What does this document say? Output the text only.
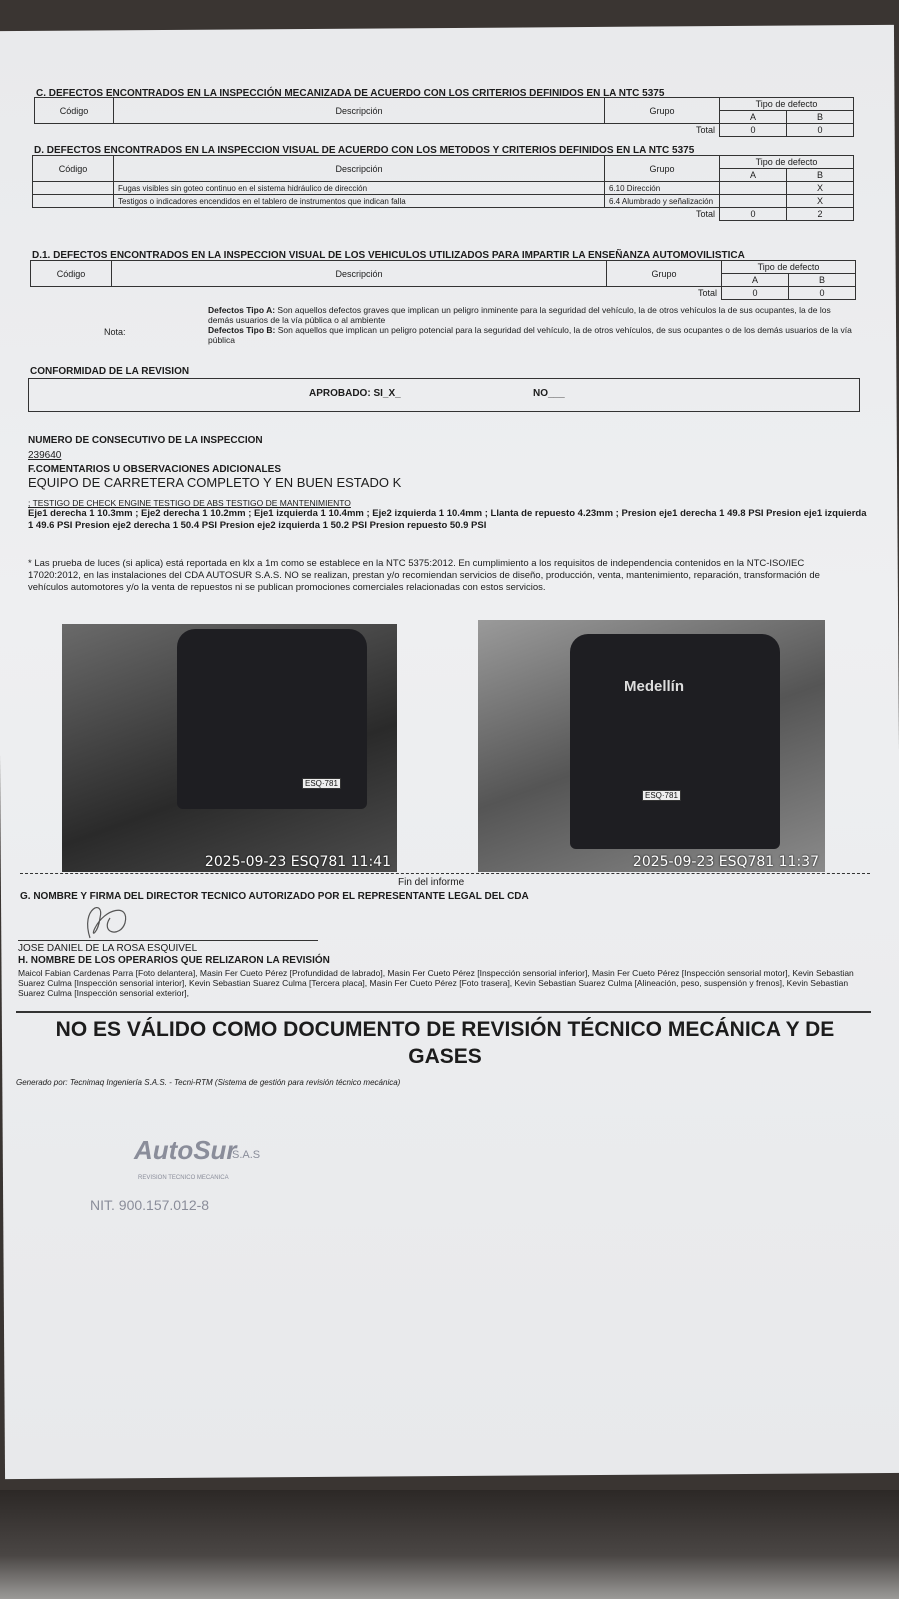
C. DEFECTOS ENCONTRADOS EN LA INSPECCIÓN MECANIZADA DE ACUERDO CON LOS CRITERIOS DEFINIDOS EN LA NTC 5375
Código	Descripción	Grupo	Tipo de defecto	
			A	B
Total			0	0
D. DEFECTOS ENCONTRADOS EN LA INSPECCION VISUAL DE ACUERDO CON LOS METODOS Y CRITERIOS DEFINIDOS EN LA NTC 5375
Código	Descripción	Grupo	Tipo de defecto	
			A	B
	Fugas visibles sin goteo continuo en el sistema hidráulico de dirección	6.10 Dirección		X
	Testigos o indicadores encendidos en el tablero de instrumentos que indican falla	6.4 Alumbrado y señalización		X
Total			0	2
D.1. DEFECTOS ENCONTRADOS EN LA INSPECCION VISUAL DE LOS VEHICULOS UTILIZADOS PARA IMPARTIR LA ENSEÑANZA AUTOMOVILISTICA
Código	Descripción	Grupo	Tipo de defecto	
			A	B
Total			0	0
Nota:
Defectos Tipo A: Son aquellos defectos graves que implican un peligro inminente para la seguridad del vehículo, la de otros vehículos la de sus ocupantes, la de los demás usuarios de la vía pública o al ambiente
Defectos Tipo B: Son aquellos que implican un peligro potencial para la seguridad del vehículo, la de otros vehículos, de sus ocupantes o de los demás usuarios de la vía pública
CONFORMIDAD DE LA REVISION
APROBADO: SI_X_	NO___
NUMERO DE CONSECUTIVO DE LA INSPECCION
239640
F.COMENTARIOS U OBSERVACIONES ADICIONALES
EQUIPO DE CARRETERA COMPLETO Y EN BUEN ESTADO K
; TESTIGO DE CHECK ENGINE TESTIGO DE ABS TESTIGO DE MANTENIMIENTO
Eje1 derecha 1 10.3mm ; Eje2 derecha 1 10.2mm ; Eje1 izquierda 1 10.4mm ; Eje2 izquierda 1 10.4mm ; Llanta de repuesto 4.23mm ; Presion eje1 derecha 1 49.8 PSI Presion eje1 izquierda 1 49.6 PSI Presion eje2 derecha 1 50.4 PSI Presion eje2 izquierda 1 50.2 PSI Presion repuesto 50.9 PSI
* Las prueba de luces (si aplica) está reportada en klx a 1m como se establece en la NTC 5375:2012. En cumplimiento a los requisitos de independencia contenidos en la NTC-ISO/IEC 17020:2012, en las instalaciones del CDA AUTOSUR S.A.S. NO se realizan, prestan y/o recomiendan servicios de diseño, producción, venta, mantenimiento, reparación, transformación de vehículos automotores y/o la venta de repuestos ni se publican promociones comerciales relacionadas con estos servicios.
ESQ·781
2025-09-23 ESQ781 11:41
Medellín
ESQ·781
2025-09-23 ESQ781 11:37
Fin del informe
G. NOMBRE Y FIRMA DEL DIRECTOR TECNICO AUTORIZADO POR EL REPRESENTANTE LEGAL DEL CDA
JOSE DANIEL DE LA ROSA ESQUIVEL
H. NOMBRE DE LOS OPERARIOS QUE RELIZARON LA REVISIÓN
Maicol Fabian Cardenas Parra [Foto delantera], Masin Fer Cueto Pérez [Profundidad de labrado], Masin Fer Cueto Pérez [Inspección sensorial inferior], Masin Fer Cueto Pérez [Inspección sensorial motor], Kevin Sebastian Suarez Culma [Inspección sensorial interior], Kevin Sebastian Suarez Culma [Tercera placa], Masin Fer Cueto Pérez [Foto trasera], Kevin Sebastian Suarez Culma [Alineación, peso, suspensión y frenos], Kevin Sebastian Suarez Culma [Inspección sensorial exterior],
NO ES VÁLIDO COMO DOCUMENTO DE REVISIÓN TÉCNICO MECÁNICA Y DE GASES
Generado por: Tecnimaq Ingeniería S.A.S. - Tecni-RTM (Sistema de gestión para revisión técnico mecánica)
AutoSur
S.A.S
REVISION TECNICO MECANICA
NIT. 900.157.012-8
